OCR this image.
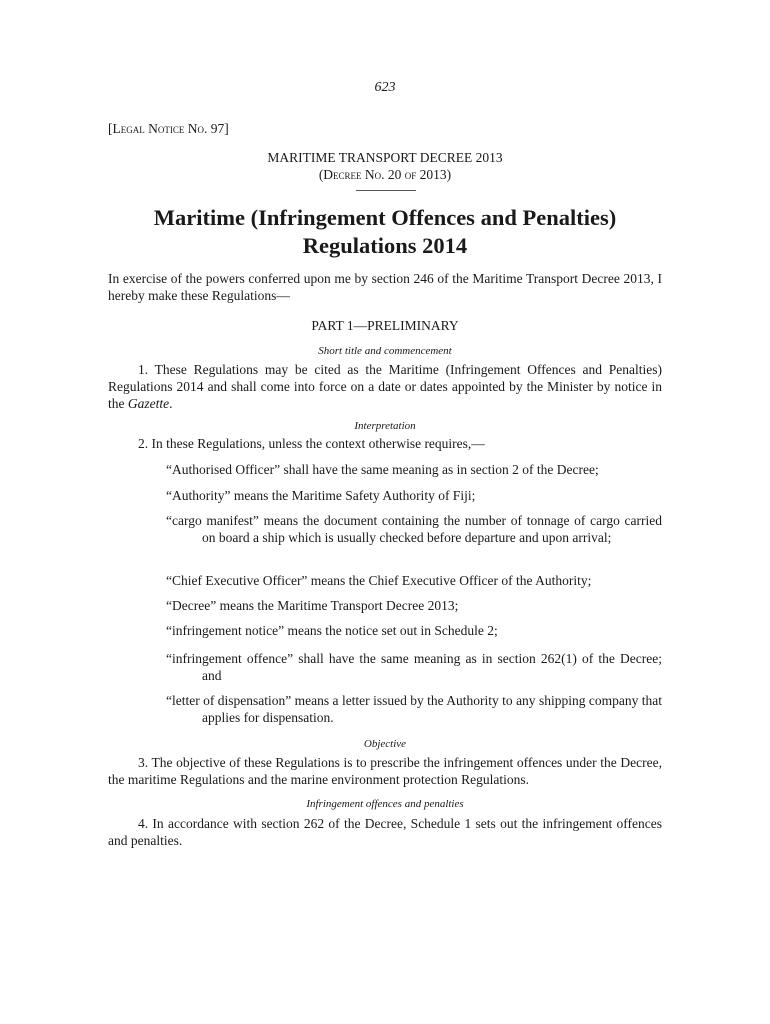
623
[Legal Notice No. 97]
MARITIME TRANSPORT DECREE 2013
(Decree No. 20 of 2013)
Maritime (Infringement Offences and Penalties)
Regulations 2014
In exercise of the powers conferred upon me by section 246 of the Maritime Transport Decree 2013, I hereby make these Regulations—
PART 1—PRELIMINARY
Short title and commencement
1. These Regulations may be cited as the Maritime (Infringement Offences and Penalties) Regulations 2014 and shall come into force on a date or dates appointed by the Minister by notice in the Gazette.
Interpretation
2. In these Regulations, unless the context otherwise requires,—
“Authorised Officer” shall have the same meaning as in section 2 of the Decree;
“Authority” means the Maritime Safety Authority of Fiji;
“cargo manifest” means the document containing the number of tonnage of cargo carried on board a ship which is usually checked before departure and upon arrival;
“Chief Executive Officer” means the Chief Executive Officer of the Authority;
“Decree” means the Maritime Transport Decree 2013;
“infringement notice” means the notice set out in Schedule 2;
“infringement offence” shall have the same meaning as in section 262(1) of the Decree; and
“letter of dispensation” means a letter issued by the Authority to any shipping company that applies for dispensation.
Objective
3. The objective of these Regulations is to prescribe the infringement offences under the Decree, the maritime Regulations and the marine environment protection Regulations.
Infringement offences and penalties
4. In accordance with section 262 of the Decree, Schedule 1 sets out the infringement offences and penalties.
